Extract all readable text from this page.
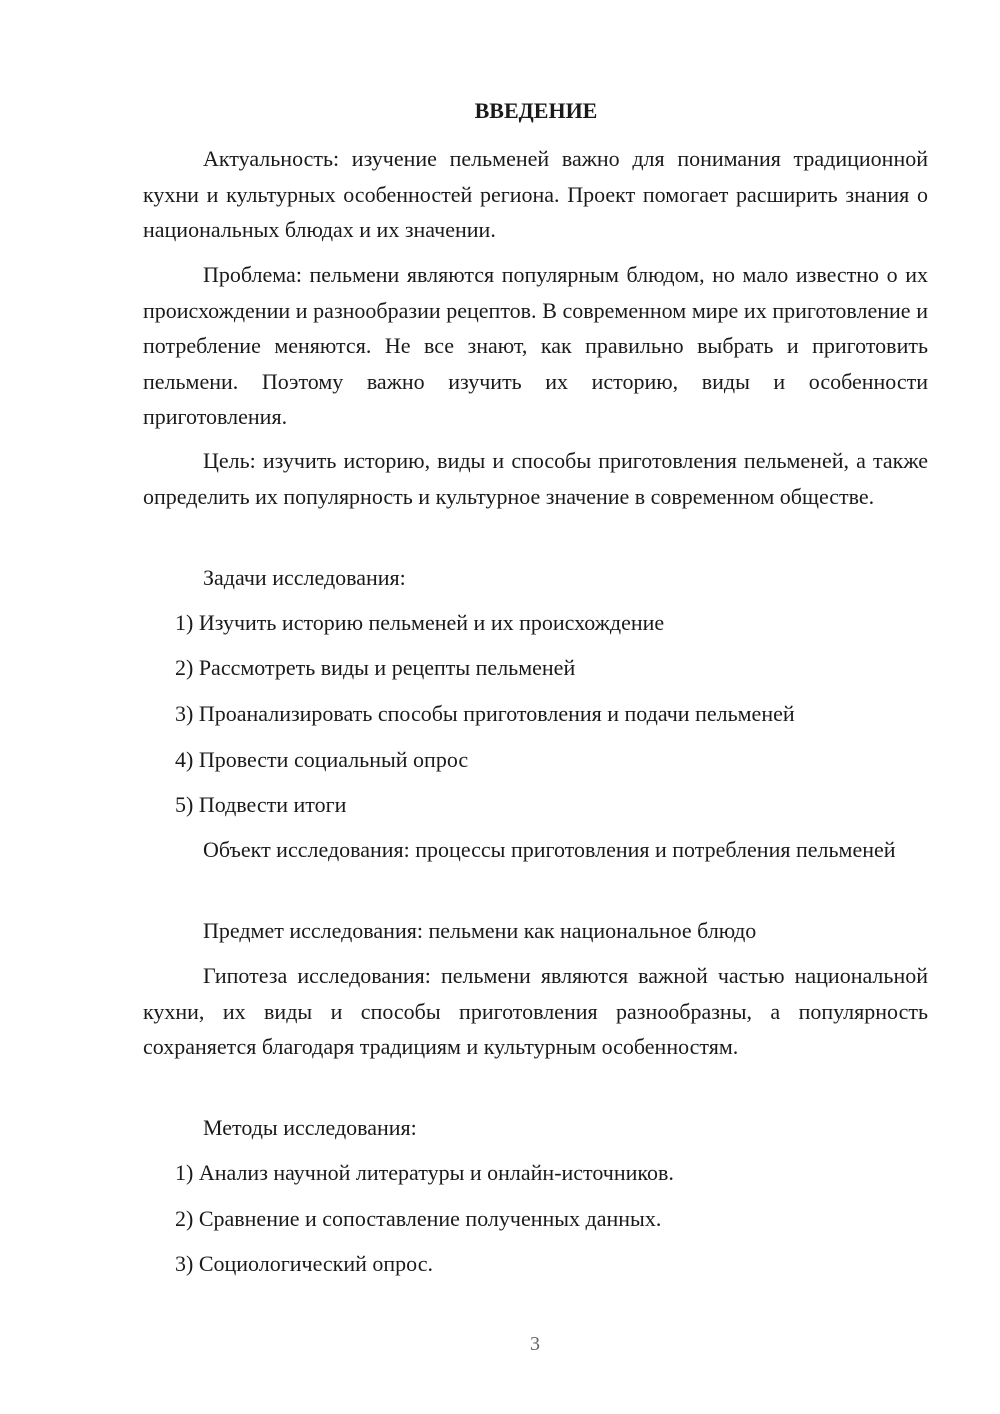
ВВЕДЕНИЕ

Актуальность: изучение пельменей важно для понимания традиционной кухни и культурных особенностей региона. Проект помогает расширить знания о национальных блюдах и их значении.

Проблема: пельмени являются популярным блюдом, но мало известно о их происхождении и разнообразии рецептов. В современном мире их приготовление и потребление меняются. Не все знают, как правильно выбрать и приготовить пельмени. Поэтому важно изучить их историю, виды и особенности приготовления.

Цель: изучить историю, виды и способы приготовления пельменей, а также определить их популярность и культурное значение в современном обществе.

Задачи исследования:

1) Изучить историю пельменей и их происхождение

2) Рассмотреть виды и рецепты пельменей

3) Проанализировать способы приготовления и подачи пельменей

4) Провести социальный опрос

5) Подвести итоги

Объект исследования: процессы приготовления и потребления пельменей

Предмет исследования: пельмени как национальное блюдо

Гипотеза исследования: пельмени являются важной частью национальной кухни, их виды и способы приготовления разнообразны, а популярность сохраняется благодаря традициям и культурным особенностям.

Методы исследования:

1) Анализ научной литературы и онлайн-источников.

2) Сравнение и сопоставление полученных данных.

3) Социологический опрос.

3
